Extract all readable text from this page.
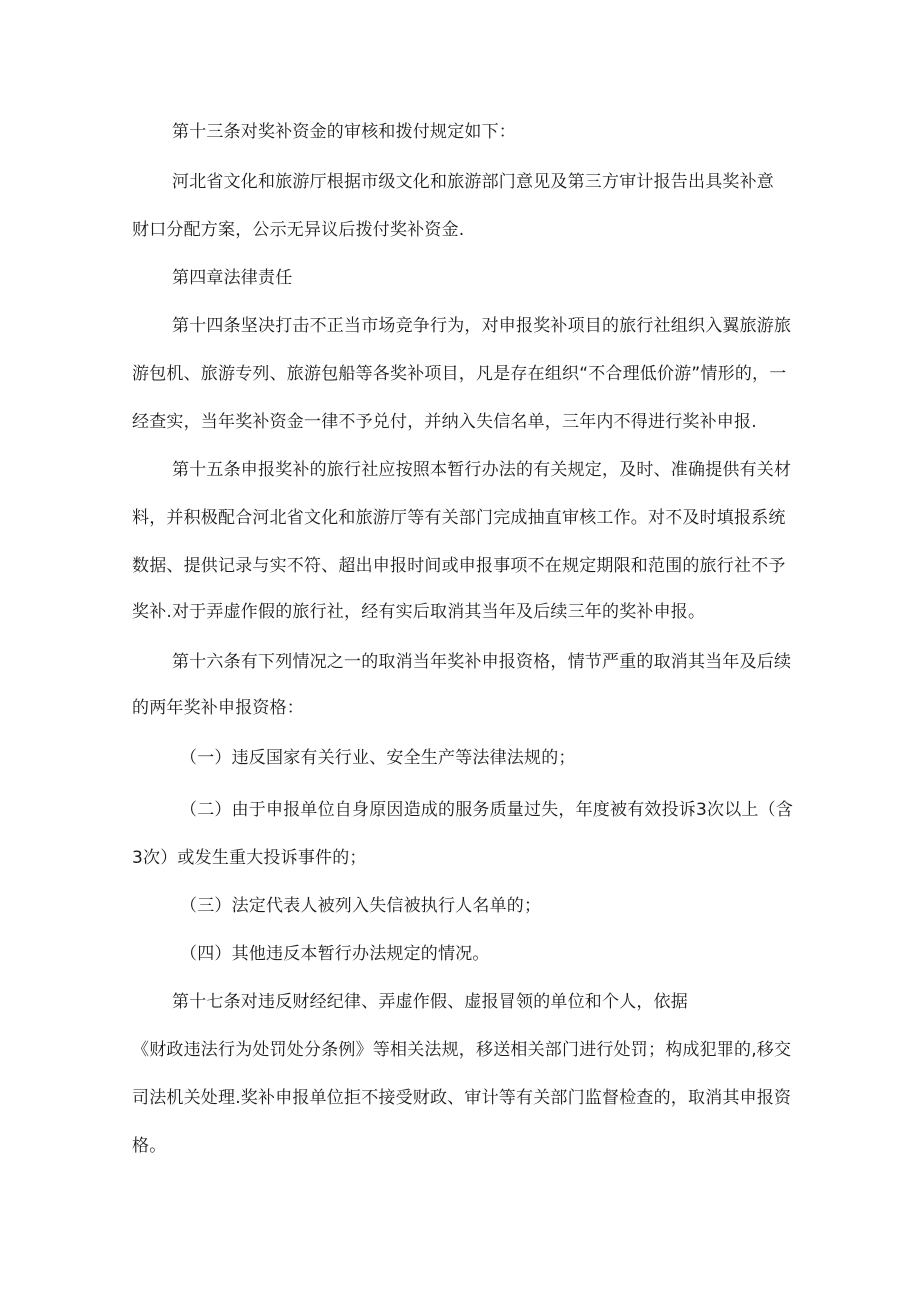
第十三条对奖补资金的审核和拨付规定如下：
河北省文化和旅游厅根据市级文化和旅游部门意见及第三方审计报告出具奖补意
财口分配方案，公示无异议后拨付奖补资金.
第四章法律责任
第十四条坚决打击不正当市场竞争行为，对申报奖补项目的旅行社组织入翼旅游旅
游包机、旅游专列、旅游包船等各奖补项目，凡是存在组织“不合理低价游”情形的，一
经查实，当年奖补资金一律不予兑付，并纳入失信名单，三年内不得进行奖补申报.
第十五条申报奖补的旅行社应按照本暂行办法的有关规定，及时、准确提供有关材
料，并积极配合河北省文化和旅游厅等有关部门完成抽直审核工作。对不及时填报系统
数据、提供记录与实不符、超出申报时间或申报事项不在规定期限和范围的旅行社不予
奖补.对于弄虚作假的旅行社，经有实后取消其当年及后续三年的奖补申报。
第十六条有下列情况之一的取消当年奖补申报资格，情节严重的取消其当年及后续
的两年奖补申报资格：
（一）违反国家有关行业、安全生产等法律法规的；
（二）由于申报单位自身原因造成的服务质量过失，年度被有效投诉3次以上（含
3次）或发生重大投诉事件的；
（三）法定代表人被列入失信被执行人名单的；
（四）其他违反本暂行办法规定的情况。
第十七条对违反财经纪律、弄虚作假、虚报冒领的单位和个人，依据
《财政违法行为处罚处分条例》等相关法规，移送相关部门进行处罚；构成犯罪的,移交
司法机关处理.奖补申报单位拒不接受财政、审计等有关部门监督检查的，取消其申报资
格。
